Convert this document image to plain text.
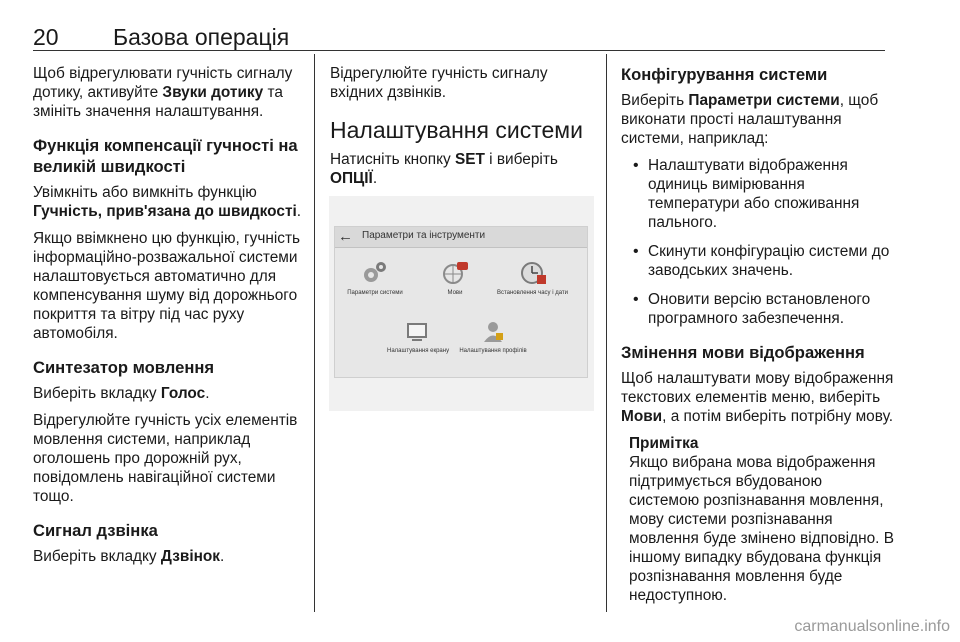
20 Базова операція

Щоб відрегулювати гучність сигналу дотику, активуйте Звуки дотику та змініть значення налаштування.

Функція компенсації гучності на великій швидкості

Увімкніть або вимкніть функцію
Гучність, прив'язана до швидкості.

Якщо ввімкнено цю функцію, гучність інформаційно-розважальної системи налаштовується автоматично для компенсування шуму від дорожнього покриття та вітру під час руху автомобіля.

Синтезатор мовлення

Виберіть вкладку Голос.

Відрегулюйте гучність усіх елементів мовлення системи, наприклад оголошень про дорожній рух, повідомлень навігаційної системи тощо.

Сигнал дзвінка

Виберіть вкладку Дзвінок.

Відрегулюйте гучність сигналу вхідних дзвінків.

Налаштування системи

Натисніть кнопку SET і виберіть
ОПЦІЇ.

← Параметри та інструменти
Параметри системи	Мови	Встановлення часу і дати
Налаштування екрану	Налаштування профілів
Конфігурування системи

Виберіть Параметри системи, щоб виконати прості налаштування системи, наприклад:

• Налаштувати відображення одиниць вимірювання температури або споживання пального.
• Скинути конфігурацію системи до заводських значень.
• Оновити версію встановленого програмного забезпечення.
Змінення мови відображення

Щоб налаштувати мову відображення текстових елементів меню, виберіть Мови, а потім виберіть потрібну мову.

Примітка
Якщо вибрана мова відображення підтримується вбудованою системою розпізнавання мовлення, мову системи розпізнавання мовлення буде змінено відповідно. В іншому випадку вбудована функція розпізнавання мовлення буде недоступною.
carmanualsonline.info
